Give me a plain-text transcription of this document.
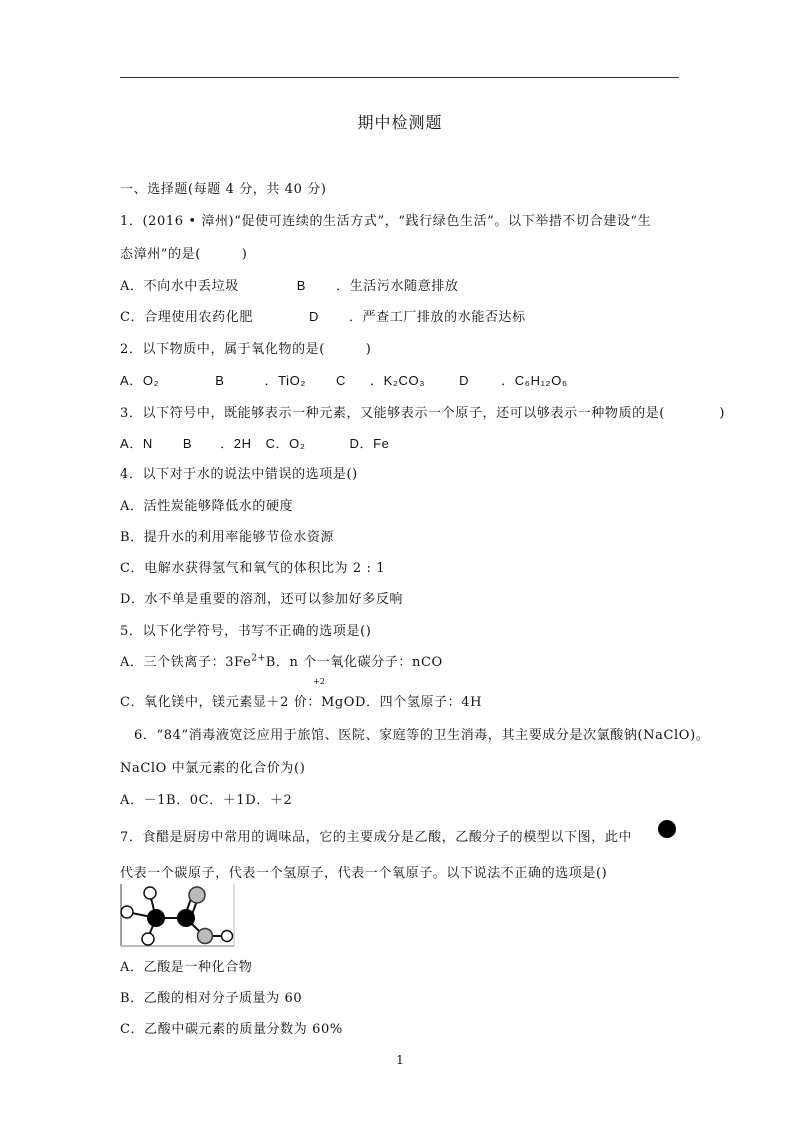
期中检测题
一、选择题(每题 4 分，共 40 分)
1．(2016 • 漳州)“促使可连续的生活方式”，“践行绿色生活”。以下举措不切合建设“生
态漳州”的是(　　　)
A．不向水中丢垃圾	B ．生活污水随意排放
C．合理使用农药化肥	D ．严查工厂排放的水能否达标
2．以下物质中，属于氧化物的是(　　　)
A．O₂	B	．TiO₂ C ．K₂CO₃	D ．C₆H₁₂O₆
3．以下符号中，既能够表示一种元素，又能够表示一个原子，还可以够表示一种物质的是(　　　　)
A．N B ．2H C．O₂	D．Fe
4．以下对于水的说法中错误的选项是()
A．活性炭能够降低水的硬度
B．提升水的利用率能够节俭水资源
C．电解水获得氢气和氧气的体积比为 2 : 1
D．水不单是重要的溶剂，还可以参加好多反响
5．以下化学符号，书写不正确的选项是()
A．三个铁离子：$3Fe^{2+}B$．n 个一氧化碳分子：nCO
+2
C．氧化镁中，镁元素显＋2 价：MgOD．四个氢原子：4H
6．“84”消毒液宽泛应用于旅馆、医院、家庭等的卫生消毒，其主要成分是次氯酸钠(NaClO)。
NaClO 中氯元素的化合价为()
A．－1B．0C．＋1D．＋2
7．食醋是厨房中常用的调味品，它的主要成分是乙酸，乙酸分子的模型以下图，此中
代表一个碳原子，代表一个氢原子，代表一个氧原子。以下说法不正确的选项是()
A．乙酸是一种化合物
B．乙酸的相对分子质量为 60
C．乙酸中碳元素的质量分数为 60%
1
